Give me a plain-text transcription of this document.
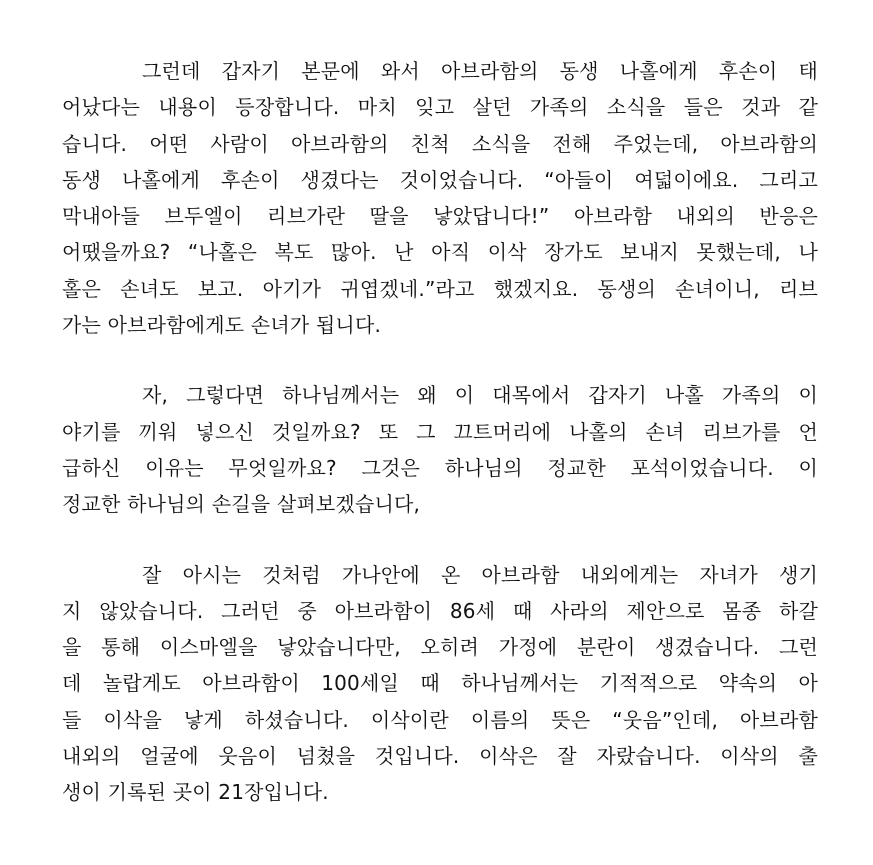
그런데 갑자기 본문에 와서 아브라함의 동생 나홀에게 후손이 태
어났다는 내용이 등장합니다. 마치 잊고 살던 가족의 소식을 들은 것과 같
습니다. 어떤 사람이 아브라함의 친척 소식을 전해 주었는데, 아브라함의
동생 나홀에게 후손이 생겼다는 것이었습니다. “아들이 여덟이에요. 그리고
막내아들 브두엘이 리브가란 딸을 낳았답니다!” 아브라함 내외의 반응은
어땠을까요? “나홀은 복도 많아. 난 아직 이삭 장가도 보내지 못했는데, 나
홀은 손녀도 보고. 아기가 귀엽겠네.”라고 했겠지요. 동생의 손녀이니, 리브
가는 아브라함에게도 손녀가 됩니다.
자, 그렇다면 하나님께서는 왜 이 대목에서 갑자기 나홀 가족의 이
야기를 끼워 넣으신 것일까요? 또 그 끄트머리에 나홀의 손녀 리브가를 언
급하신 이유는 무엇일까요? 그것은 하나님의 정교한 포석이었습니다. 이
정교한 하나님의 손길을 살펴보겠습니다,
잘 아시는 것처럼 가나안에 온 아브라함 내외에게는 자녀가 생기
지 않았습니다. 그러던 중 아브라함이 86세 때 사라의 제안으로 몸종 하갈
을 통해 이스마엘을 낳았습니다만, 오히려 가정에 분란이 생겼습니다. 그런
데 놀랍게도 아브라함이 100세일 때 하나님께서는 기적적으로 약속의 아
들 이삭을 낳게 하셨습니다. 이삭이란 이름의 뜻은 “웃음”인데, 아브라함
내외의 얼굴에 웃음이 넘쳤을 것입니다. 이삭은 잘 자랐습니다. 이삭의 출
생이 기록된 곳이 21장입니다.
